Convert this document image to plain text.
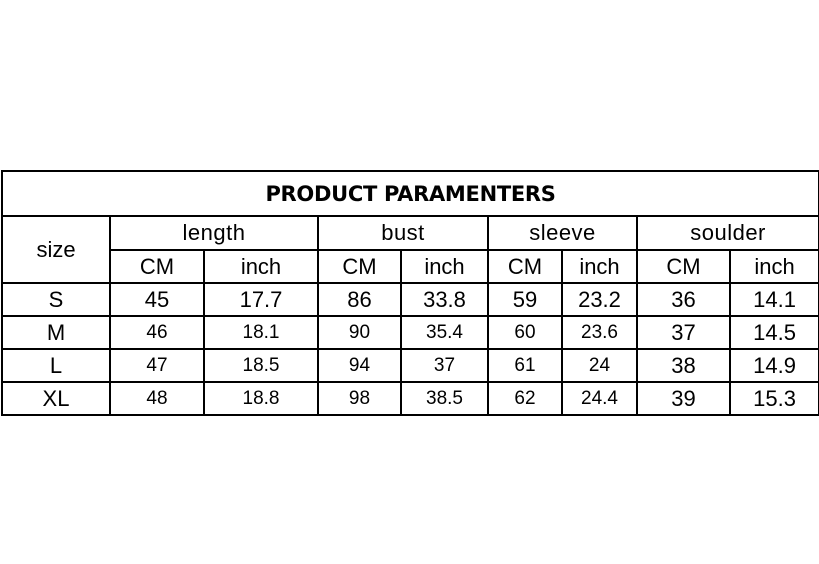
PRODUCT PARAMENTERS								
size	length		bust		sleeve		soulder	
	CM	inch	CM	inch	CM	inch	CM	inch
S	45	17.7	86	33.8	59	23.2	36	14.1
M	46	18.1	90	35.4	60	23.6	37	14.5
L	47	18.5	94	37	61	24	38	14.9
XL	48	18.8	98	38.5	62	24.4	39	15.3
